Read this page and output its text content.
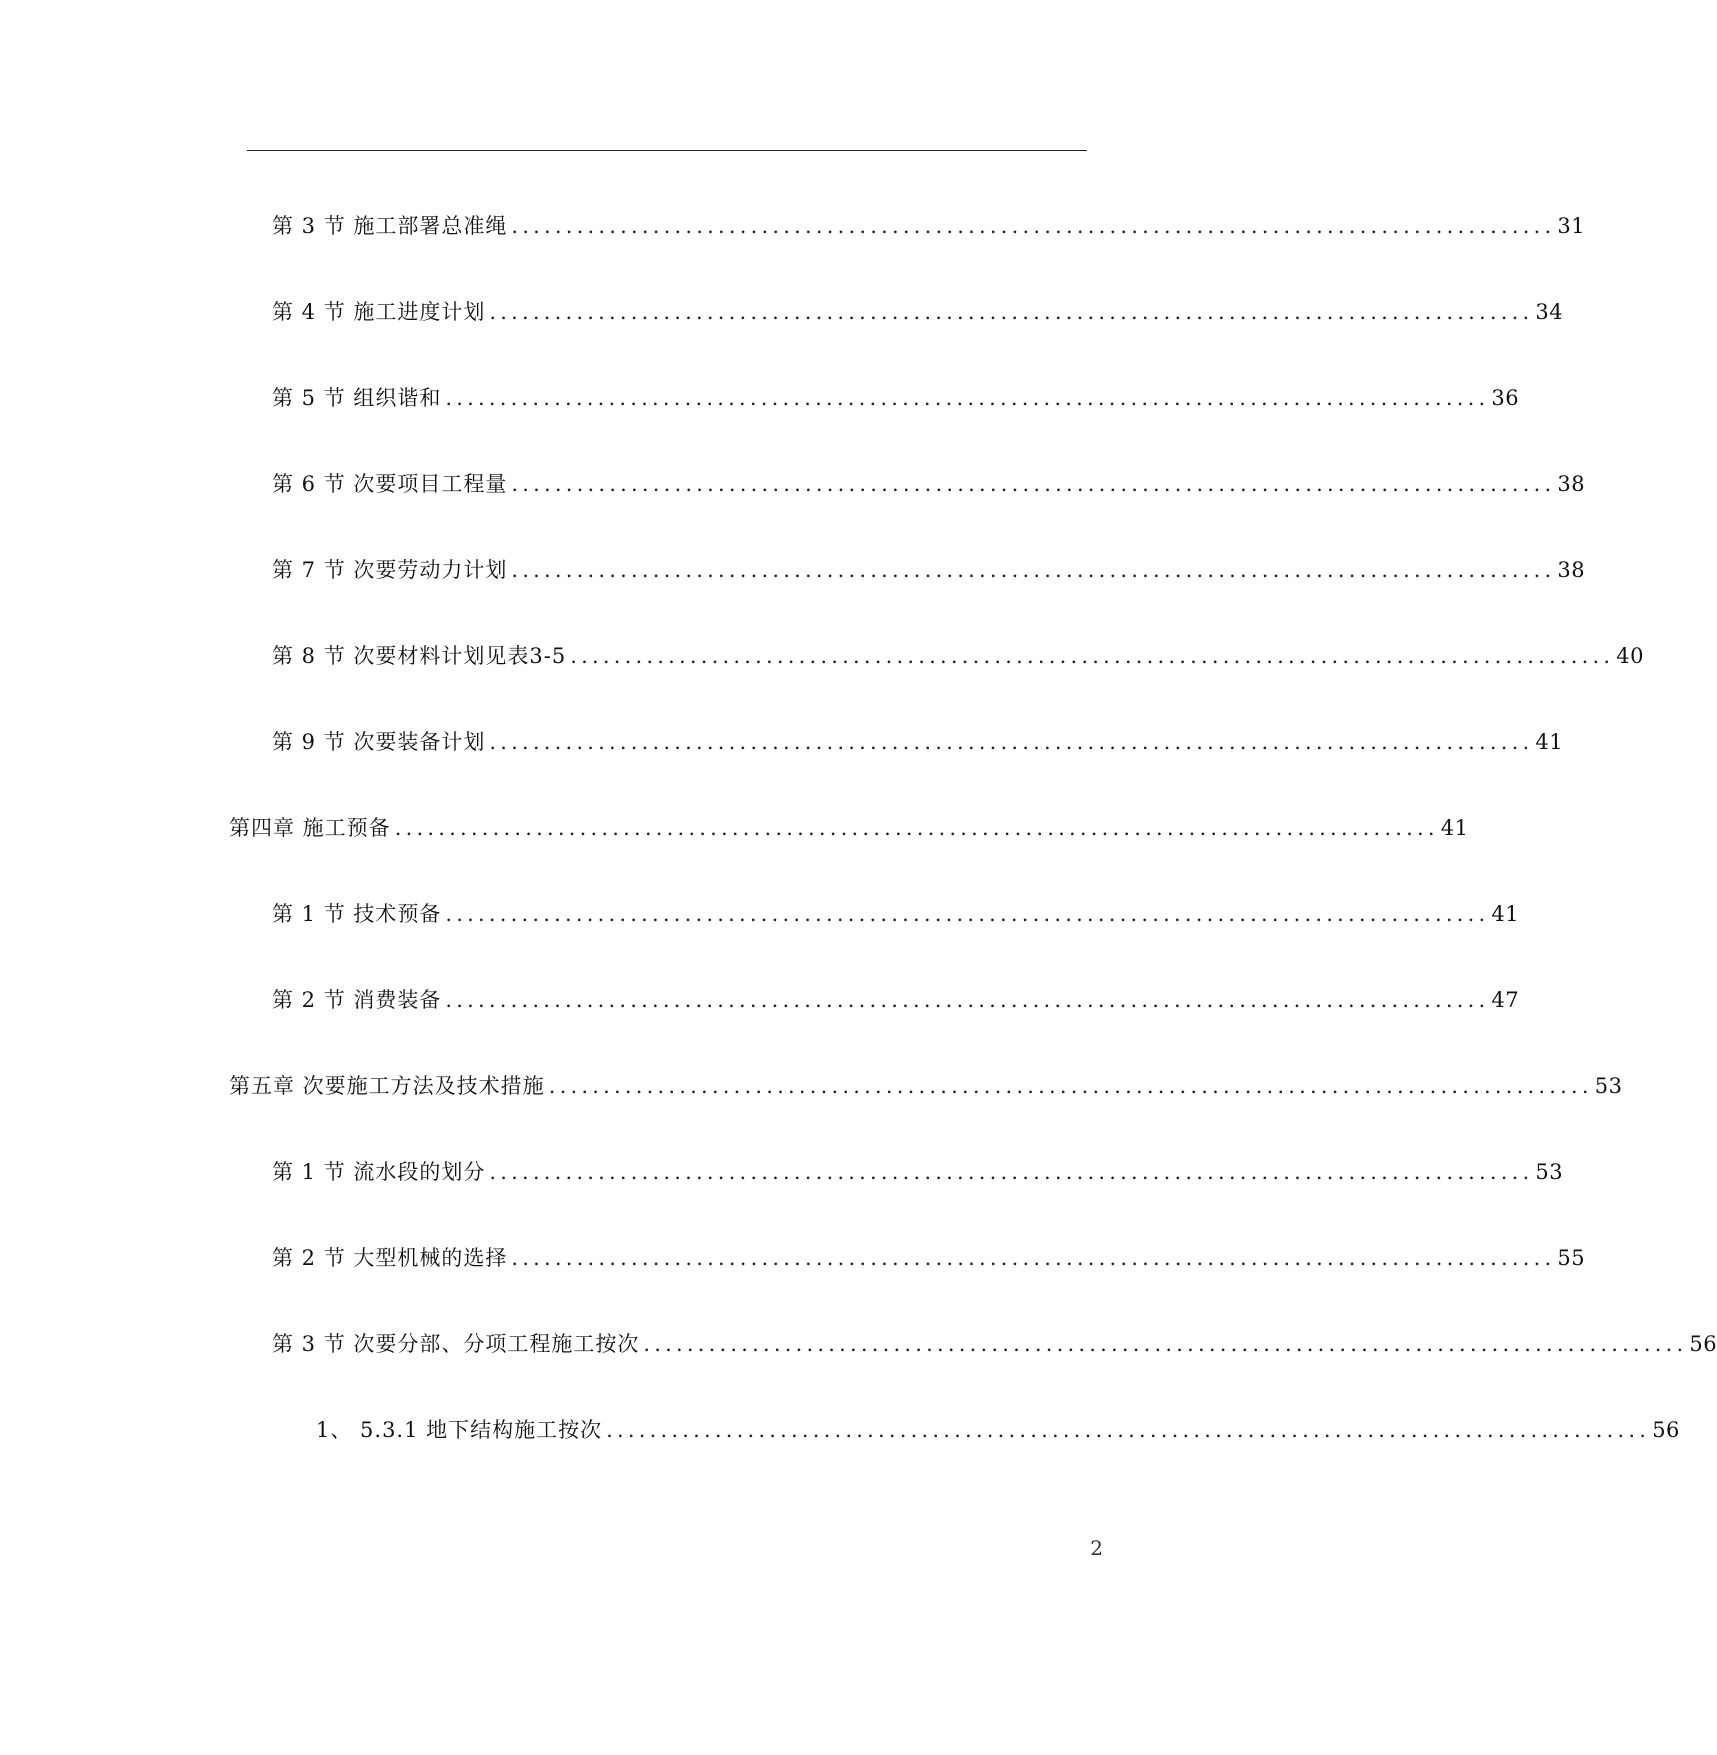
第 3 节 施工部署总准绳 ................................................................................................ 31
第 4 节 施工进度计划 ................................................................................................ 34
第 5 节 组织谐和 ................................................................................................ 36
第 6 节 次要项目工程量 ................................................................................................ 38
第 7 节 次要劳动力计划 ................................................................................................ 38
第 8 节 次要材料计划见表3-5 ................................................................................................ 40
第 9 节 次要装备计划 ................................................................................................ 41
第四章 施工预备 ................................................................................................ 41
第 1 节 技术预备 ................................................................................................ 41
第 2 节 消费装备 ................................................................................................ 47
第五章 次要施工方法及技术措施 ................................................................................................ 53
第 1 节 流水段的划分 ................................................................................................ 53
第 2 节 大型机械的选择 ................................................................................................ 55
第 3 节 次要分部、分项工程施工按次 ................................................................................................ 56
1、 5.3.1 地下结构施工按次 ................................................................................................ 56
2
